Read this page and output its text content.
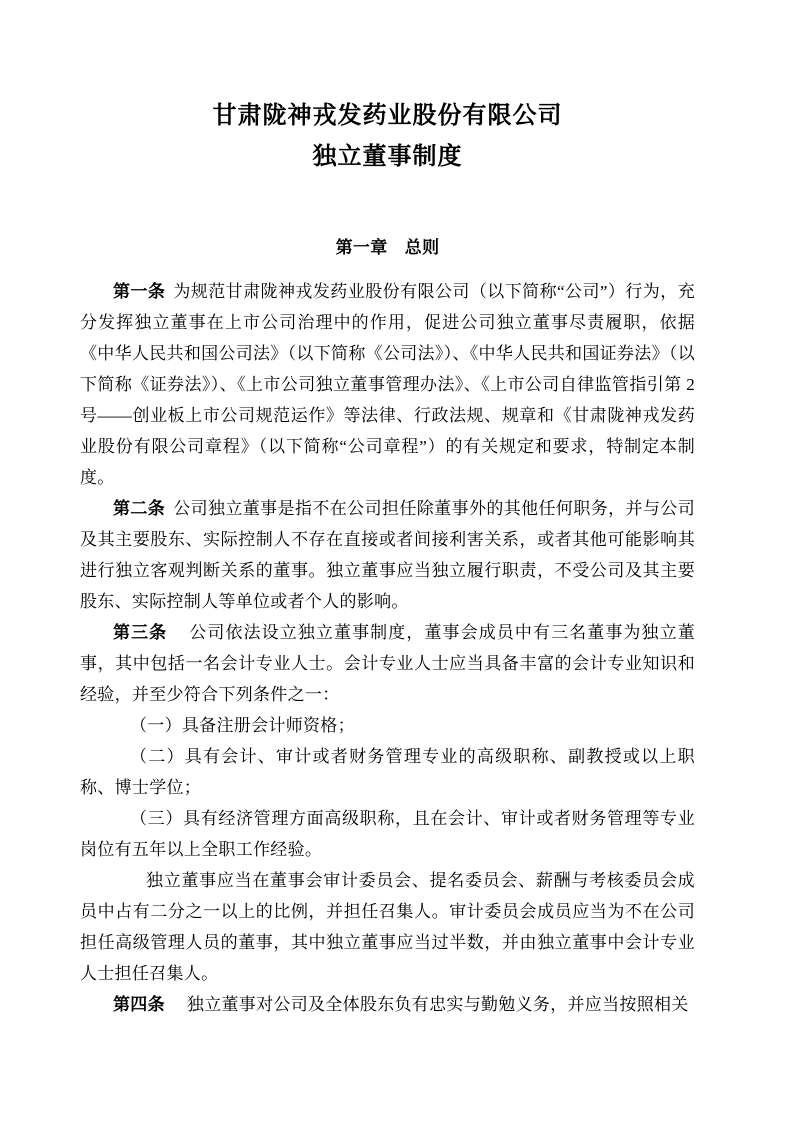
甘肃陇神戎发药业股份有限公司
独立董事制度
第一章　总则

第一条 为规范甘肃陇神戎发药业股份有限公司（以下简称“公司”）行为，充分发挥独立董事在上市公司治理中的作用，促进公司独立董事尽责履职，依据《中华人民共和国公司法》（以下简称《公司法》）、《中华人民共和国证券法》（以下简称《证券法》）、《上市公司独立董事管理办法》、《上市公司自律监管指引第 2 号——创业板上市公司规范运作》等法律、行政法规、规章和《甘肃陇神戎发药业股份有限公司章程》（以下简称“公司章程”）的有关规定和要求，特制定本制度。

第二条 公司独立董事是指不在公司担任除董事外的其他任何职务，并与公司及其主要股东、实际控制人不存在直接或者间接利害关系，或者其他可能影响其进行独立客观判断关系的董事。独立董事应当独立履行职责，不受公司及其主要股东、实际控制人等单位或者个人的影响。

第三条 公司依法设立独立董事制度，董事会成员中有三名董事为独立董事，其中包括一名会计专业人士。会计专业人士应当具备丰富的会计专业知识和经验，并至少符合下列条件之一：

（一）具备注册会计师资格；

（二）具有会计、审计或者财务管理专业的高级职称、副教授或以上职称、博士学位；

（三）具有经济管理方面高级职称，且在会计、审计或者财务管理等专业岗位有五年以上全职工作经验。

独立董事应当在董事会审计委员会、提名委员会、薪酬与考核委员会成员中占有二分之一以上的比例，并担任召集人。审计委员会成员应当为不在公司担任高级管理人员的董事，其中独立董事应当过半数，并由独立董事中会计专业人士担任召集人。

第四条 独立董事对公司及全体股东负有忠实与勤勉义务，并应当按照相关
